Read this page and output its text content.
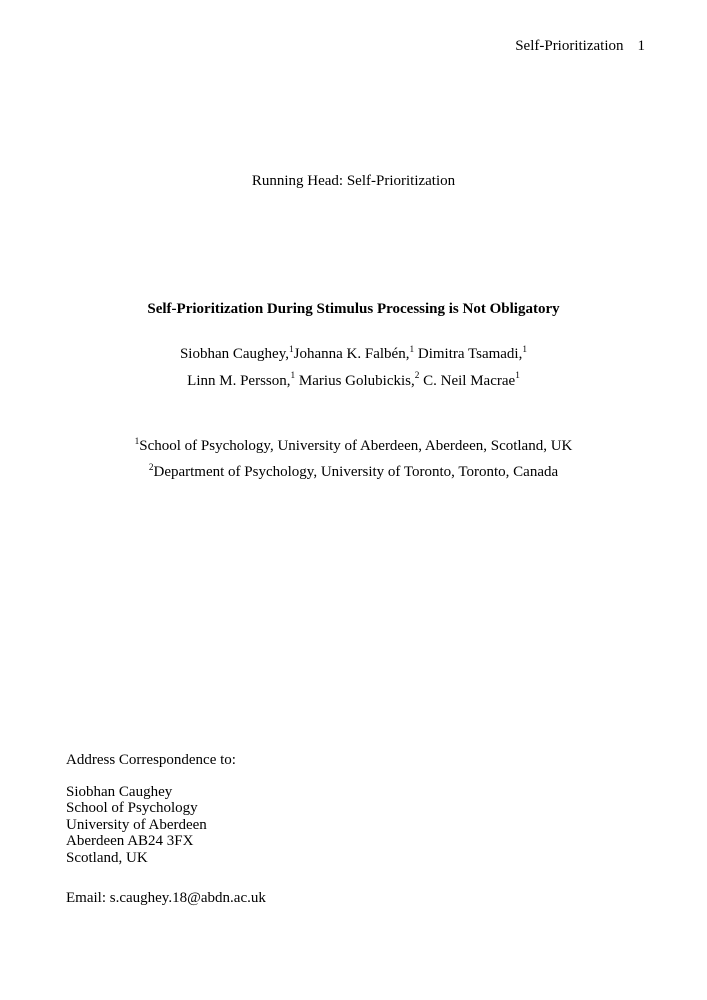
Self-Prioritization 1
Running Head: Self-Prioritization
Self-Prioritization During Stimulus Processing is Not Obligatory
Siobhan Caughey,$^1$Johanna K. Falbén,$^1$ Dimitra Tsamadi,$^1$
Linn M. Persson,$^1$ Marius Golubickis,$^2$ C. Neil Macrae$^1$
$^1$School of Psychology, University of Aberdeen, Aberdeen, Scotland, UK
$^2$Department of Psychology, University of Toronto, Toronto, Canada
Address Correspondence to:
Siobhan Caughey
School of Psychology
University of Aberdeen
Aberdeen AB24 3FX
Scotland, UK
Email: s.caughey.18@abdn.ac.uk
